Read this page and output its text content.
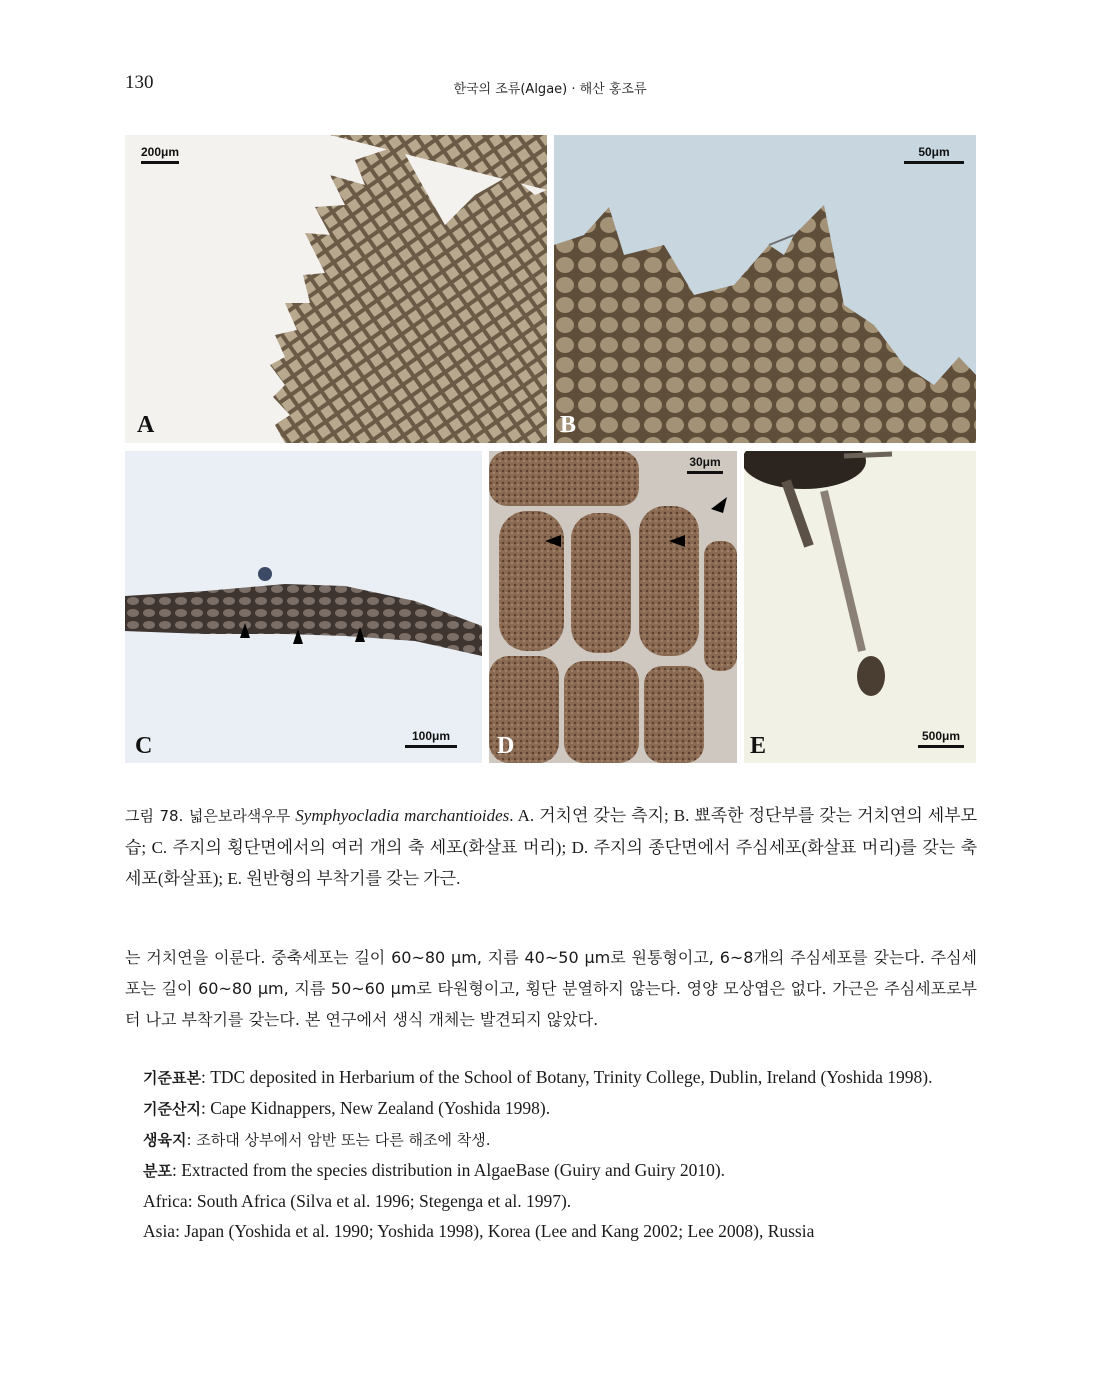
130	한국의 조류(Algae) · 해산 홍조류
200μm
A
50μm
B
100μm
C
30μm
D	500μm
E
그림 78. 넓은보라색우무 Symphyocladia marchantioides. A. 거치연 갖는 측지; B. 뾰족한 정단부를 갖는 거치연의 세부모습; C. 주지의 횡단면에서의 여러 개의 축 세포(화살표 머리); D. 주지의 종단면에서 주심세포(화살표 머리)를 갖는 축 세포(화살표); E. 원반형의 부착기를 갖는 가근.
는 거치연을 이룬다. 중축세포는 길이 60~80 μm, 지름 40~50 μm로 원통형이고, 6~8개의 주심세포를 갖는다. 주심세포는 길이 60~80 μm, 지름 50~60 μm로 타원형이고, 횡단 분열하지 않는다. 영양 모상엽은 없다. 가근은 주심세포로부터 나고 부착기를 갖는다. 본 연구에서 생식 개체는 발견되지 않았다.
기준표본: TDC deposited in Herbarium of the School of Botany, Trinity College, Dublin, Ireland (Yoshida 1998).
기준산지: Cape Kidnappers, New Zealand (Yoshida 1998).
생육지: 조하대 상부에서 암반 또는 다른 해조에 착생.
분포: Extracted from the species distribution in AlgaeBase (Guiry and Guiry 2010).
Africa: South Africa (Silva et al. 1996; Stegenga et al. 1997).
Asia: Japan (Yoshida et al. 1990; Yoshida 1998), Korea (Lee and Kang 2002; Lee 2008), Russia
